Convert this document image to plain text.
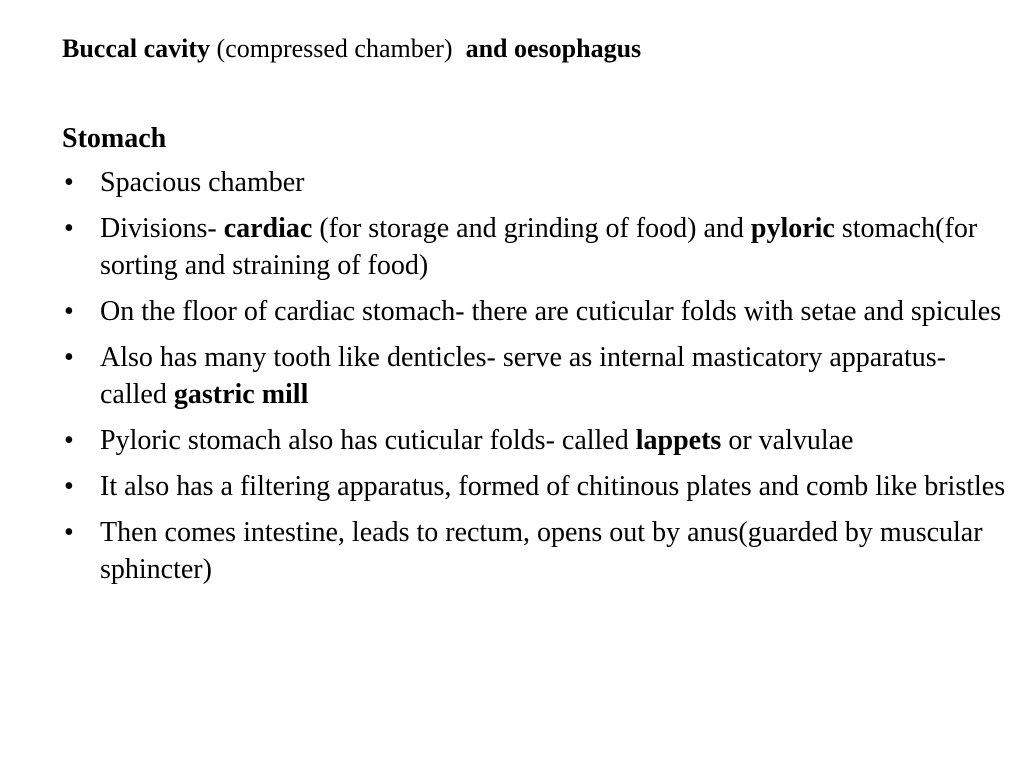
Buccal cavity (compressed chamber) and oesophagus

Stomach
• Spacious chamber
• Divisions- cardiac (for storage and grinding of food) and pyloric stomach(for sorting and straining of food)
• On the floor of cardiac stomach- there are cuticular folds with setae and spicules
• Also has many tooth like denticles- serve as internal masticatory apparatus- called gastric mill
• Pyloric stomach also has cuticular folds- called lappets or valvulae
• It also has a filtering apparatus, formed of chitinous plates and comb like bristles
• Then comes intestine, leads to rectum, opens out by anus(guarded by muscular sphincter)
